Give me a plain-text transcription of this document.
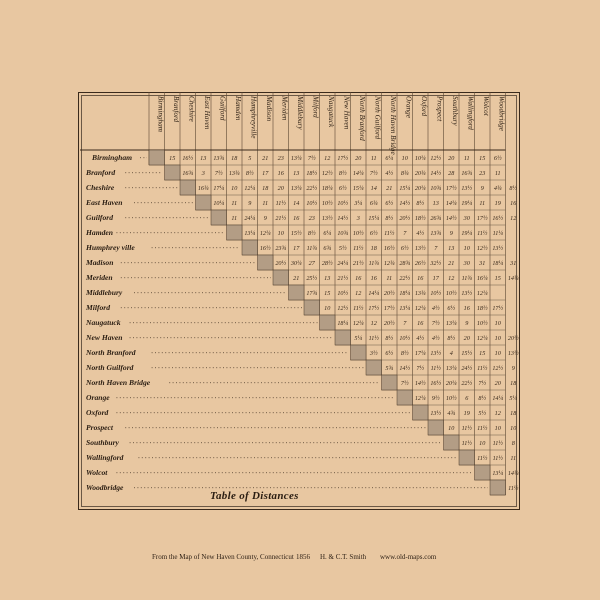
Birmingham Branford Cheshire East Haven Guilford Hamden Humphreyville Madison Meriden Middlebury Milford Naugatuck New Haven North Branford North Guilford North Haven Bridge Orange Oxford Prospect Southbury Wallingford Wolcot Woodbridge
Birmingham
Branford
Cheshire
East Haven
Guilford
Hamden
Humphrey ville
Madison
Meriden
Middlebury
Milford
Naugatuck
New Haven
North Branford
North Guilford
North Haven Bridge
Orange
Oxford
Prospect
Southbury
Wallingford
Wolcot
Woodbridge
15 16½ 13 13¾ 18 5 21 23 13¼ 7½ 12 17½ 20 11 6¼ 10 10¼ 12½ 20 11 15 6½
16¾ 3 7½ 13¾ 8½ 17 16 13 18½ 12½ 8½ 14¼ 7½ 4½ 8¾ 20¾ 14½ 28 16¾ 23 11
16¾ 17¼ 10 12¼ 18 20 13¼ 22½ 18¼ 6½ 15¼ 14 21 15¼ 20¼ 10¾ 17½ 13½ 9 4¾ 8½
10¼ 11 9 11 11½ 14 10½ 10½ 10½ 3¼ 6¾ 6½ 14½ 8½ 13 14¼ 19¼ 11 19 16
11 24¼ 9 21½ 16 23 13½ 14½ 3 15¼ 8½ 20½ 18½ 26¾ 14½ 30 17½ 16½ 12
13¼ 12¼ 10 15½ 8½ 6¼ 10¾ 10½ 6½ 11½ 7 4½ 13¾ 9 19¼ 11½ 11¼
16½ 23¾ 17 11¾ 6¾ 5½ 11½ 18 16½ 6½ 13½ 7 13 10 12½ 13½
20½ 30¼ 27 28½ 24¼ 21½ 11¾ 12¾ 28¾ 26½ 32½ 21 30 31 18¼ 31
21 25½ 13 21½ 16 16 11 22½ 16 17 12 11¾ 16¼ 15 14¾
17¾ 15 10½ 12 14¼ 20½ 18¼ 13¾ 10½ 10½ 13½ 12¼
10 12½ 11½ 17½ 17½ 13¼ 12¼ 4½ 6½ 16 18½ 17½
18¼ 12¼ 12 20½ 7 16 7½ 13¼ 9 10½ 10
5¼ 11½ 8½ 10½ 4½ 4½ 8½ 20 12¼ 10 20½
3½ 6½ 8½ 17¼ 13½ 4 15½ 15 10 13½
5¾ 14½ 7½ 11½ 13¼ 24½ 11½ 12½ 9
7½ 14½ 16½ 20¼ 22½ 7½ 20 18
12¼ 9½ 10½ 6 8½ 14¼ 5¼
13½ 4¾ 19 5½ 12 18
10 11½ 11½ 10 10
11½ 10 11½ 8
11½ 11½ 11
13¼ 14¾
11½
Table of Distances
From the Map of New Haven County, Connecticut 1856 H. & C.T. Smith www.old-maps.com
